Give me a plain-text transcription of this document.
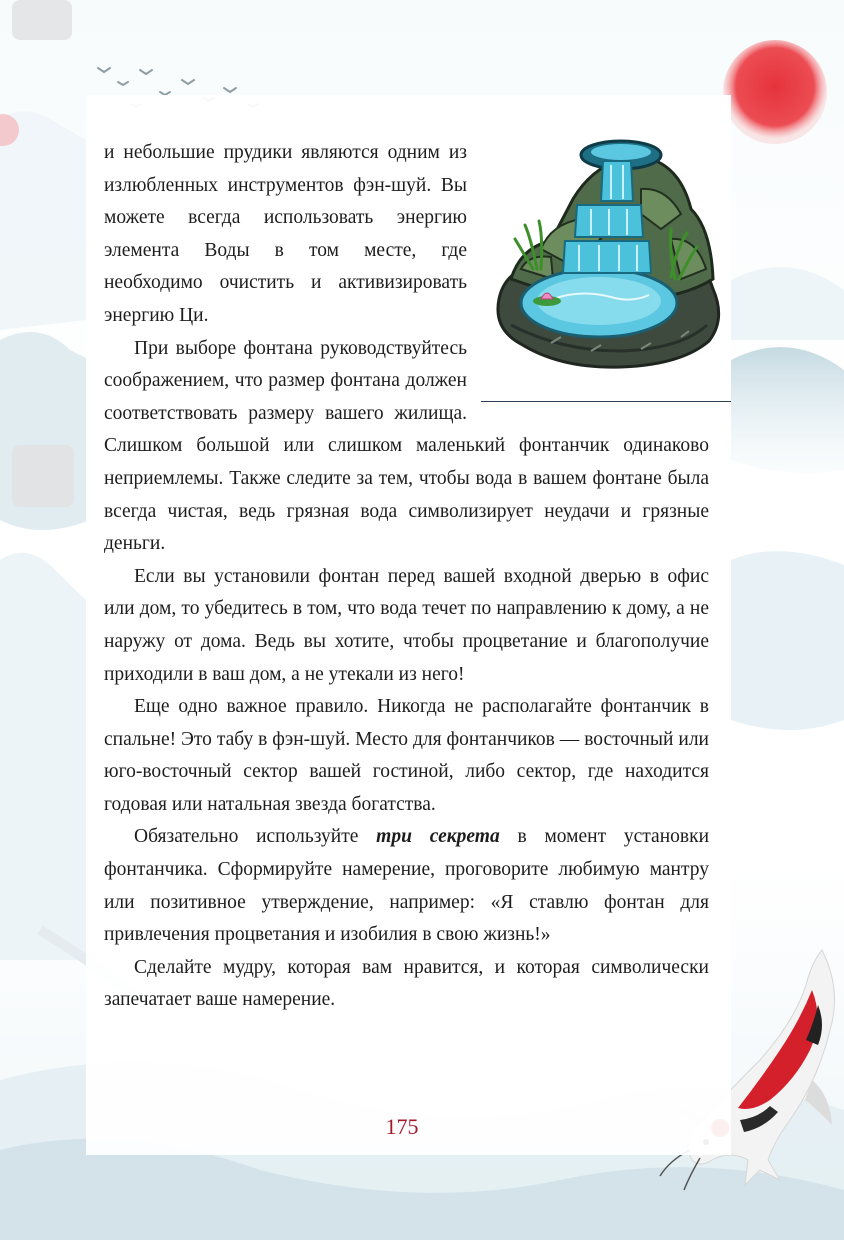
и небольшие прудики являются одним из излюбленных инструментов фэн-шуй. Вы можете всегда использовать энергию элемента Воды в том месте, где необходимо очистить и активизировать энергию Ци.

При выборе фонтана руководствуйтесь соображением, что размер фонтана должен соответствовать размеру вашего жилища. Слишком большой или слишком маленький фонтанчик одинаково неприемлемы. Также следите за тем, чтобы вода в вашем фонтане была всегда чистая, ведь грязная вода символизирует неудачи и грязные деньги.

Если вы установили фонтан перед вашей входной дверью в офис или дом, то убедитесь в том, что вода течет по направлению к дому, а не наружу от дома. Ведь вы хотите, чтобы процветание и благополучие приходили в ваш дом, а не утекали из него!

Еще одно важное правило. Никогда не располагайте фонтанчик в спальне! Это табу в фэн-шуй. Место для фонтанчиков — восточный или юго-восточный сектор вашей гостиной, либо сектор, где находится годовая или натальная звезда богатства.

Обязательно используйте три секрета в момент установки фонтанчика. Сформируйте намерение, проговорите любимую мантру или позитивное утверждение, например: «Я ставлю фонтан для привлечения процветания и изобилия в свою жизнь!»

Сделайте мудру, которая вам нравится, и которая символически запечатает ваше намерение.

175
